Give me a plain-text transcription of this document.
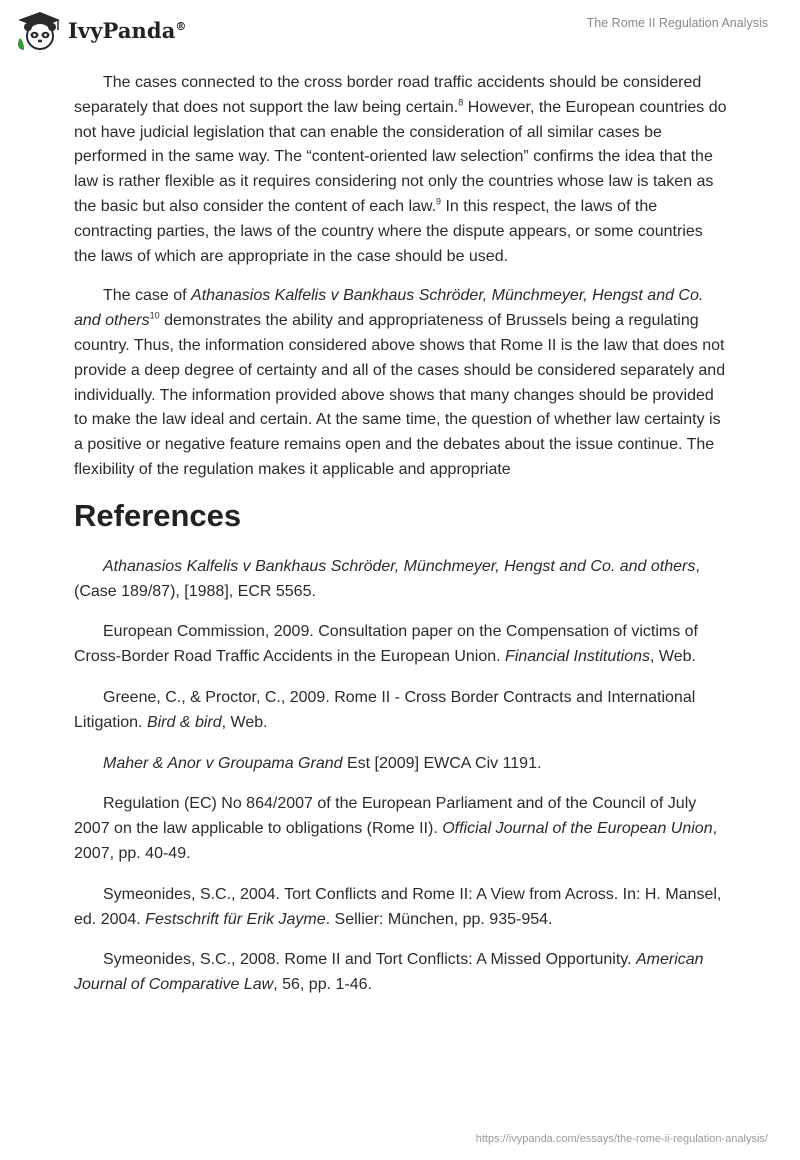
IvyPanda®	The Rome II Regulation Analysis

The cases connected to the cross border road traffic accidents should be considered separately that does not support the law being certain.$^8$ However, the European countries do not have judicial legislation that can enable the consideration of all similar cases be performed in the same way. The “content-oriented law selection” confirms the idea that the law is rather flexible as it requires considering not only the countries whose law is taken as the basic but also consider the content of each law.$^9$ In this respect, the laws of the contracting parties, the laws of the country where the dispute appears, or some countries the laws of which are appropriate in the case should be used.

The case of Athanasios Kalfelis v Bankhaus Schröder, Münchmeyer, Hengst and Co. and others$^{10}$ demonstrates the ability and appropriateness of Brussels being a regulating country. Thus, the information considered above shows that Rome II is the law that does not provide a deep degree of certainty and all of the cases should be considered separately and individually. The information provided above shows that many changes should be provided to make the law ideal and certain. At the same time, the question of whether law certainty is a positive or negative feature remains open and the debates about the issue continue. The flexibility of the regulation makes it applicable and appropriate

References

Athanasios Kalfelis v Bankhaus Schröder, Münchmeyer, Hengst and Co. and others, (Case 189/87), [1988], ECR 5565.

European Commission, 2009. Consultation paper on the Compensation of victims of Cross-Border Road Traffic Accidents in the European Union. Financial Institutions, Web.

Greene, C., & Proctor, C., 2009. Rome II - Cross Border Contracts and International Litigation. Bird & bird, Web.

Maher & Anor v Groupama Grand Est [2009] EWCA Civ 1191.

Regulation (EC) No 864/2007 of the European Parliament and of the Council of July 2007 on the law applicable to obligations (Rome II). Official Journal of the European Union, 2007, pp. 40-49.

Symeonides, S.C., 2004. Tort Conflicts and Rome II: A View from Across. In: H. Mansel, ed. 2004. Festschrift für Erik Jayme. Sellier: München, pp. 935-954.

Symeonides, S.C., 2008. Rome II and Tort Conflicts: A Missed Opportunity. American Journal of Comparative Law, 56, pp. 1-46.

https://ivypanda.com/essays/the-rome-ii-regulation-analysis/
